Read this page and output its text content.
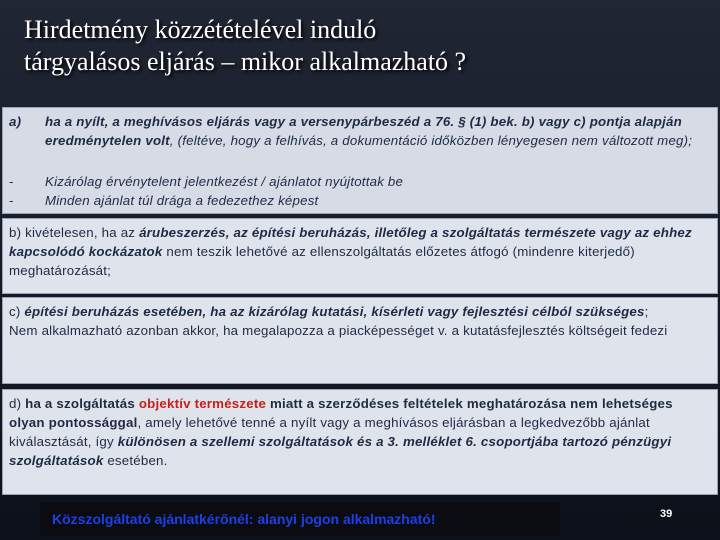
Hirdetmény közzétételével induló
tárgyalásos eljárás – mikor alkalmazható ?
a) ha a nyílt, a meghívásos eljárás vagy a versenypárbeszéd a 76. § (1) bek. b) vagy c) pontja alapján eredménytelen volt, (feltéve, hogy a felhívás, a dokumentáció időközben lényegesen nem változott meg);
- Kizárólag érvénytelent jelentkezést / ajánlatot nyújtottak be
- Minden ajánlat túl drága a fedezethez képest
b) kivételesen, ha az árubeszerzés, az építési beruházás, illetőleg a szolgáltatás természete vagy az ehhez kapcsolódó kockázatok nem teszik lehetővé az ellenszolgáltatás előzetes átfogó (mindenre kiterjedő) meghatározását;
c) építési beruházás esetében, ha az kizárólag kutatási, kísérleti vagy fejlesztési célból szükséges;
Nem alkalmazható azonban akkor, ha megalapozza a piacképességet v. a kutatásfejlesztés költségeit fedezi
d) ha a szolgáltatás objektív természete miatt a szerződéses feltételek meghatározása nem lehetséges olyan pontossággal, amely lehetővé tenné a nyílt vagy a meghívásos eljárásban a legkedvezőbb ajánlat kiválasztását, így különösen a szellemi szolgáltatások és a 3. melléklet 6. csoportjába tartozó pénzügyi szolgáltatások esetében.
Közszolgáltató ajánlatkérőnél: alanyi jogon alkalmazható!	39
